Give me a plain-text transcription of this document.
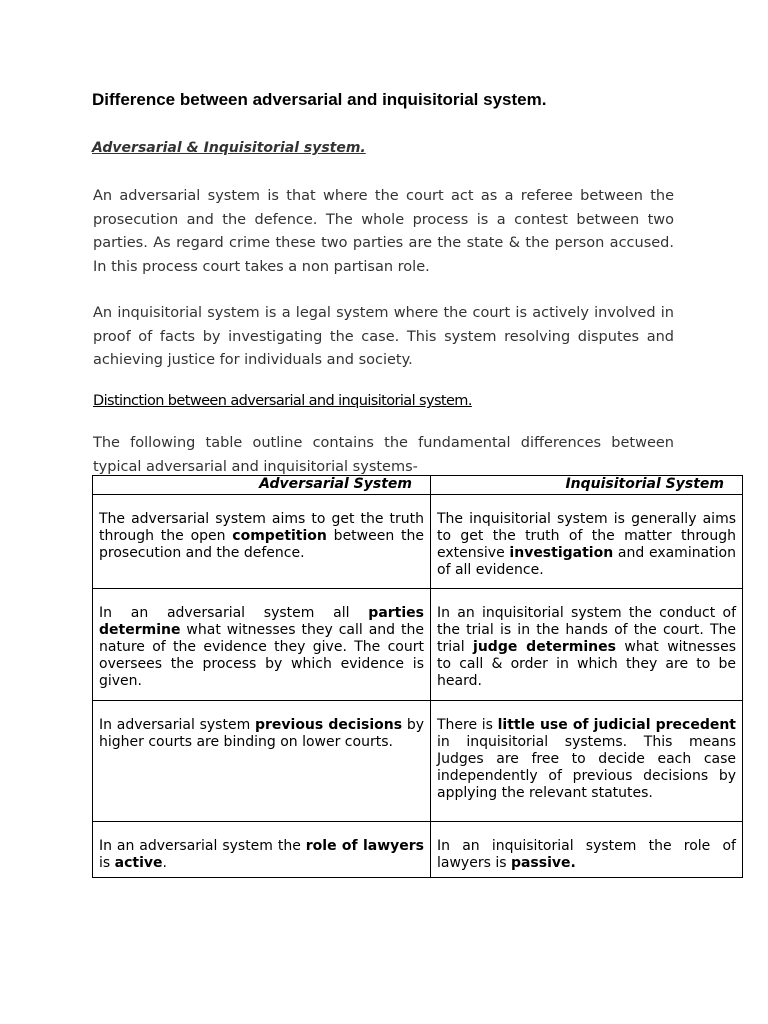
Difference between adversarial and inquisitorial system.
Adversarial & Inquisitorial system.

An adversarial system is that where the court act as a referee between the prosecution and the defence. The whole process is a contest between two parties. As regard crime these two parties are the state & the person accused. In this process court takes a non partisan role.

An inquisitorial system is a legal system where the court is actively involved in proof of facts by investigating the case. This system resolving disputes and achieving justice for individuals and society.

Distinction between adversarial and inquisitorial system.

The following table outline contains the fundamental differences between typical adversarial and inquisitorial systems-

Adversarial System	Inquisitorial System
The adversarial system aims to get the truth through the open competition between the prosecution and the defence.	The inquisitorial system is generally aims to get the truth of the matter through extensive investigation and examination of all evidence.
In an adversarial system all parties determine what witnesses they call and the nature of the evidence they give. The court oversees the process by which evidence is given.	In an inquisitorial system the conduct of the trial is in the hands of the court. The trial judge determines what witnesses to call & order in which they are to be heard.
In adversarial system previous decisions by higher courts are binding on lower courts.	There is little use of judicial precedent in inquisitorial systems. This means Judges are free to decide each case independently of previous decisions by applying the relevant statutes.
In an adversarial system the role of lawyers is active.	In an inquisitorial system the role of lawyers is passive.
